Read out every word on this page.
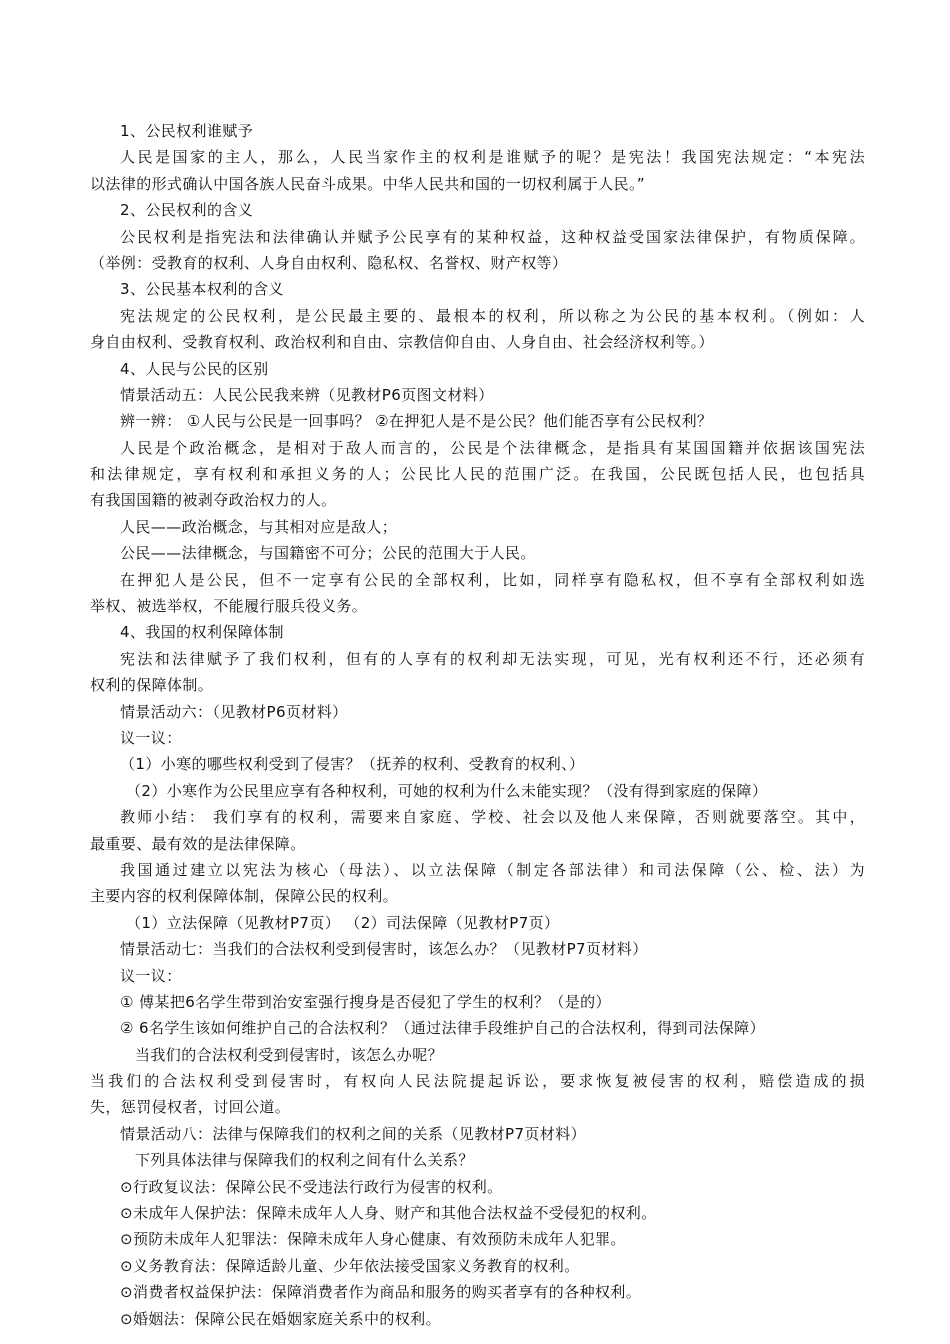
1、公民权利谁赋予
人民是国家的主人，那么，人民当家作主的权利是谁赋予的呢？是宪法！我国宪法规定：“本宪法
以法律的形式确认中国各族人民奋斗成果。中华人民共和国的一切权利属于人民。”
2、公民权利的含义
公民权利是指宪法和法律确认并赋予公民享有的某种权益，这种权益受国家法律保护，有物质保障。
（举例：受教育的权利、人身自由权利、隐私权、名誉权、财产权等）
3、公民基本权利的含义
宪法规定的公民权利，是公民最主要的、最根本的权利，所以称之为公民的基本权利。（例如：人
身自由权利、受教育权利、政治权利和自由、宗教信仰自由、人身自由、社会经济权利等。）
4、人民与公民的区别
情景活动五：人民公民我来辨（见教材P6页图文材料）
辨一辨： ①人民与公民是一回事吗？ ②在押犯人是不是公民？他们能否享有公民权利？
人民是个政治概念，是相对于敌人而言的，公民是个法律概念，是指具有某国国籍并依据该国宪法
和法律规定，享有权利和承担义务的人；公民比人民的范围广泛。在我国，公民既包括人民，也包括具
有我国国籍的被剥夺政治权力的人。
人民——政治概念，与其相对应是敌人；
公民——法律概念，与国籍密不可分；公民的范围大于人民。
在押犯人是公民，但不一定享有公民的全部权利，比如，同样享有隐私权，但不享有全部权利如选
举权、被选举权，不能履行服兵役义务。
4、我国的权利保障体制
宪法和法律赋予了我们权利，但有的人享有的权利却无法实现，可见，光有权利还不行，还必须有
权利的保障体制。
情景活动六：（见教材P6页材料）
议一议：
（1）小寒的哪些权利受到了侵害？（抚养的权利、受教育的权利、）
（2）小寒作为公民里应享有各种权利，可她的权利为什么未能实现？（没有得到家庭的保障）
教师小结： 我们享有的权利，需要来自家庭、学校、社会以及他人来保障，否则就要落空。其中，
最重要、最有效的是法律保障。
我国通过建立以宪法为核心（母法）、以立法保障（制定各部法律）和司法保障（公、检、法）为
主要内容的权利保障体制，保障公民的权利。
（1）立法保障（见教材P7页） （2）司法保障（见教材P7页）
情景活动七：当我们的合法权利受到侵害时，该怎么办？（见教材P7页材料）
议一议：
① 傅某把6名学生带到治安室强行搜身是否侵犯了学生的权利？（是的）
② 6名学生该如何维护自己的合法权利？（通过法律手段维护自己的合法权利，得到司法保障）
当我们的合法权利受到侵害时，该怎么办呢？
当我们的合法权利受到侵害时，有权向人民法院提起诉讼，要求恢复被侵害的权利，赔偿造成的损
失，惩罚侵权者，讨回公道。
情景活动八：法律与保障我们的权利之间的关系（见教材P7页材料）
下列具体法律与保障我们的权利之间有什么关系？
⊙行政复议法：保障公民不受违法行政行为侵害的权利。
⊙未成年人保护法：保障未成年人人身、财产和其他合法权益不受侵犯的权利。
⊙预防未成年人犯罪法：保障未成年人身心健康、有效预防未成年人犯罪。
⊙义务教育法：保障适龄儿童、少年依法接受国家义务教育的权利。
⊙消费者权益保护法：保障消费者作为商品和服务的购买者享有的各种权利。
⊙婚姻法：保障公民在婚姻家庭关系中的权利。
